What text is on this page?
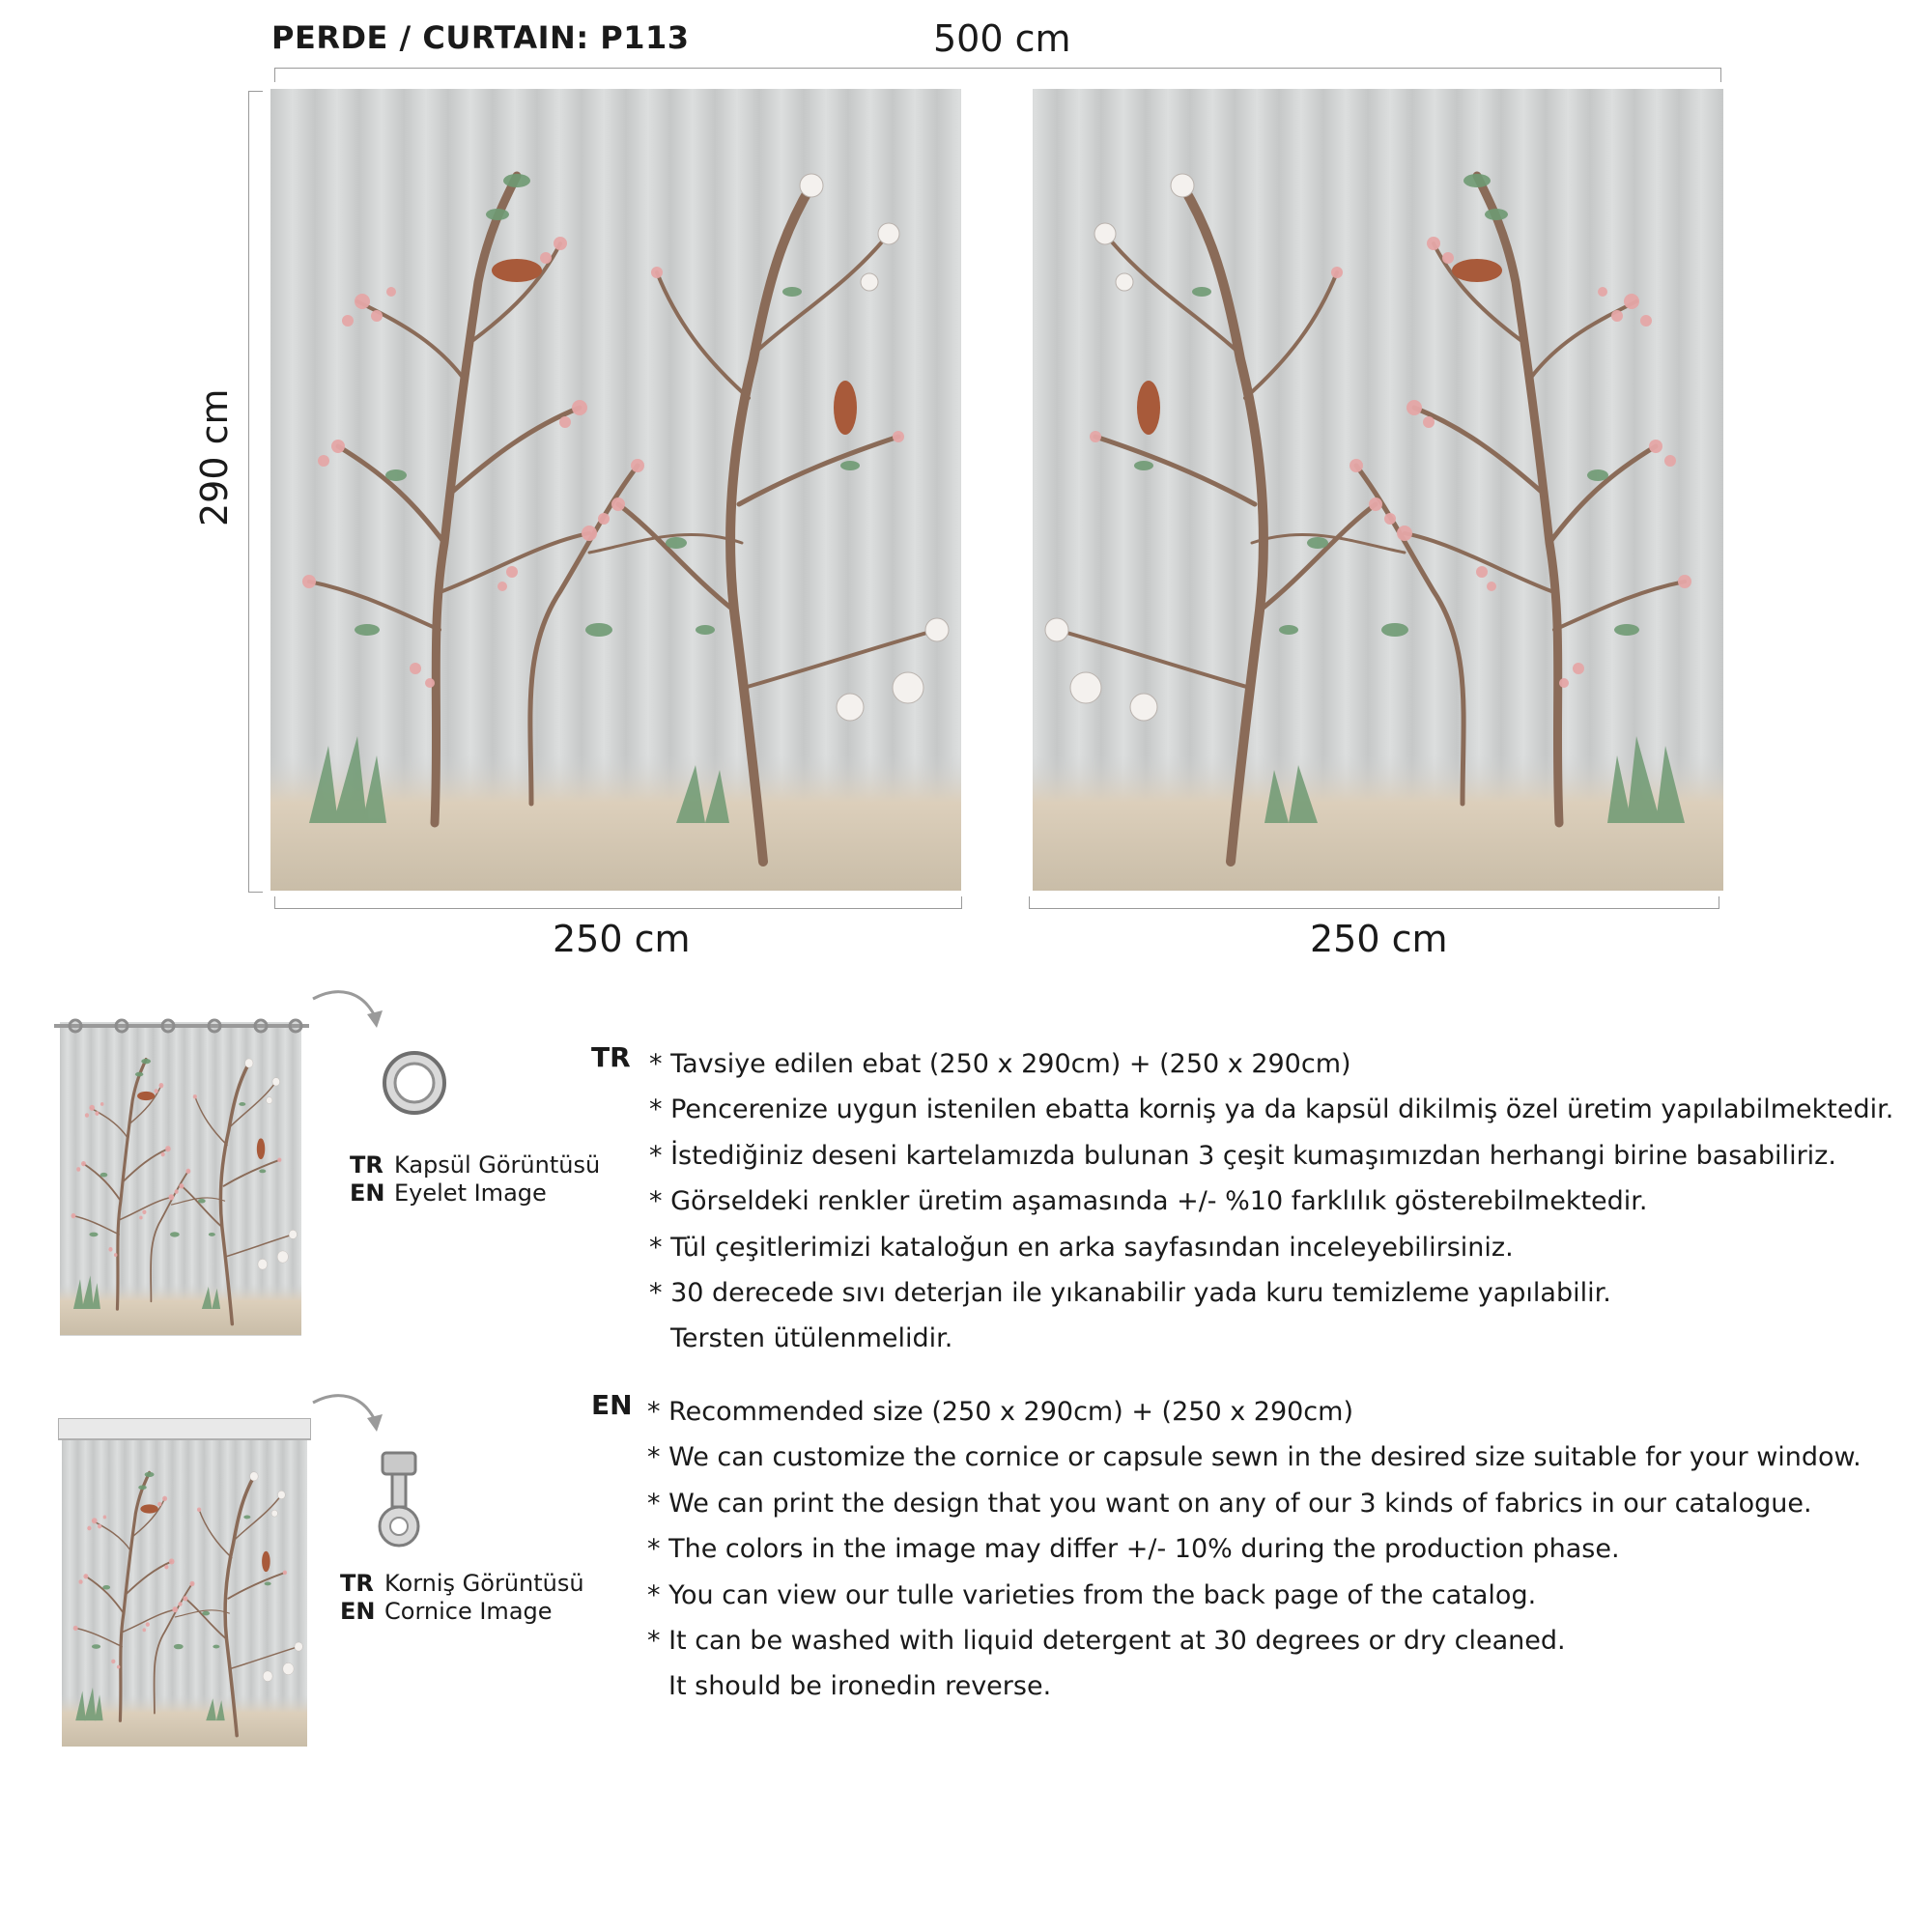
PERDE / CURTAIN: P113	500 cm
290 cm
250 cm	250 cm
TR Kapsül Görüntüsü
EN Eyelet Image
TR Korniş Görüntüsü
EN Cornice Image
TR * Tavsiye edilen ebat (250 x 290cm) + (250 x 290cm)
* Pencerenize uygun istenilen ebatta korniş ya da kapsül dikilmiş özel üretim yapılabilmektedir.
* İstediğiniz deseni kartelamızda bulunan 3 çeşit kumaşımızdan herhangi birine basabiliriz.
* Görseldeki renkler üretim aşamasında +/- %10 farklılık gösterebilmektedir.
* Tül çeşitlerimizi kataloğun en arka sayfasından inceleyebilirsiniz.
* 30 derecede sıvı deterjan ile yıkanabilir yada kuru temizleme yapılabilir.
Tersten ütülenmelidir.
EN * Recommended size (250 x 290cm) + (250 x 290cm)
* We can customize the cornice or capsule sewn in the desired size suitable for your window.
* We can print the design that you want on any of our 3 kinds of fabrics in our catalogue.
* The colors in the image may differ +/- 10% during the production phase.
* You can view our tulle varieties from the back page of the catalog.
* It can be washed with liquid detergent at 30 degrees or dry cleaned.
It should be ironedin reverse.
